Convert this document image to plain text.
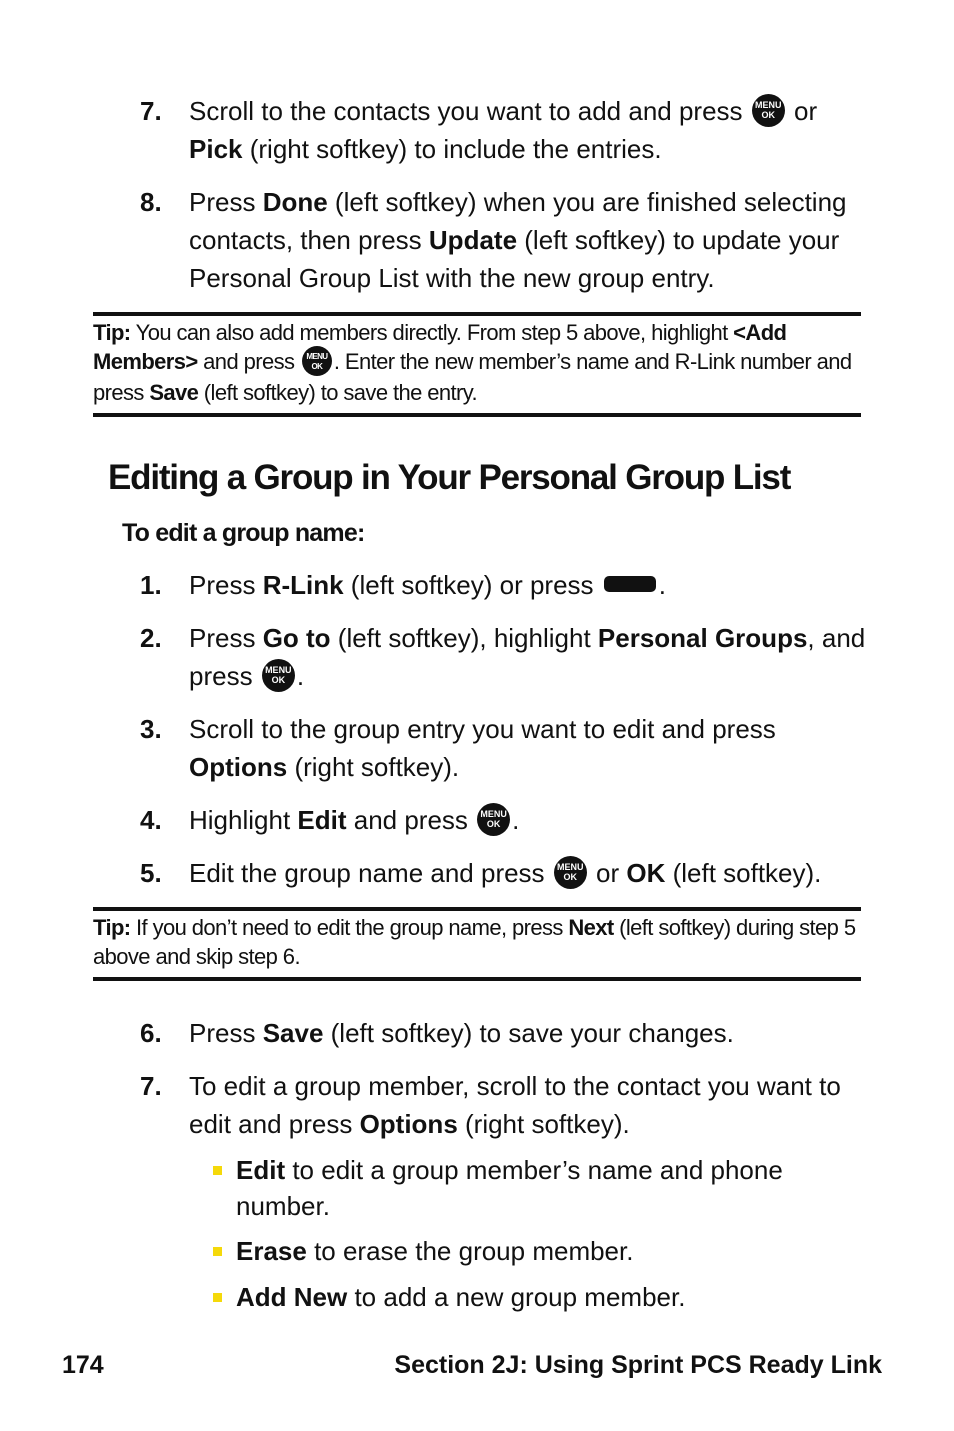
7.	Scroll to the contacts you want to add and press MENU
OK or
Pick (right softkey) to include the entries.
8.	Press Done (left softkey) when you are finished selecting contacts, then press Update (left softkey) to update your Personal Group List with the new group entry.
Tip: You can also add members directly. From step 5 above, highlight <Add Members> and press MENU
OK . Enter the new member’s name and R-Link number and press Save (left softkey) to save the entry.
Editing a Group in Your Personal Group List
To edit a group name:
1.	Press R-Link (left softkey) or press .
2.	Press Go to (left softkey), highlight Personal Groups, and press MENU
OK .
3.	Scroll to the group entry you want to edit and press
Options (right softkey).
4.	Highlight Edit and press MENU
OK .
5.	Edit the group name and press MENU
OK or OK (left softkey).
Tip: If you don’t need to edit the group name, press Next (left softkey) during step 5 above and skip step 6.
6.	Press Save (left softkey) to save your changes.
7.	To edit a group member, scroll to the contact you want to edit and press Options (right softkey).
Edit to edit a group member’s name and phone number.
Erase to erase the group member.
Add New to add a new group member.
174	Section 2J: Using Sprint PCS Ready Link
